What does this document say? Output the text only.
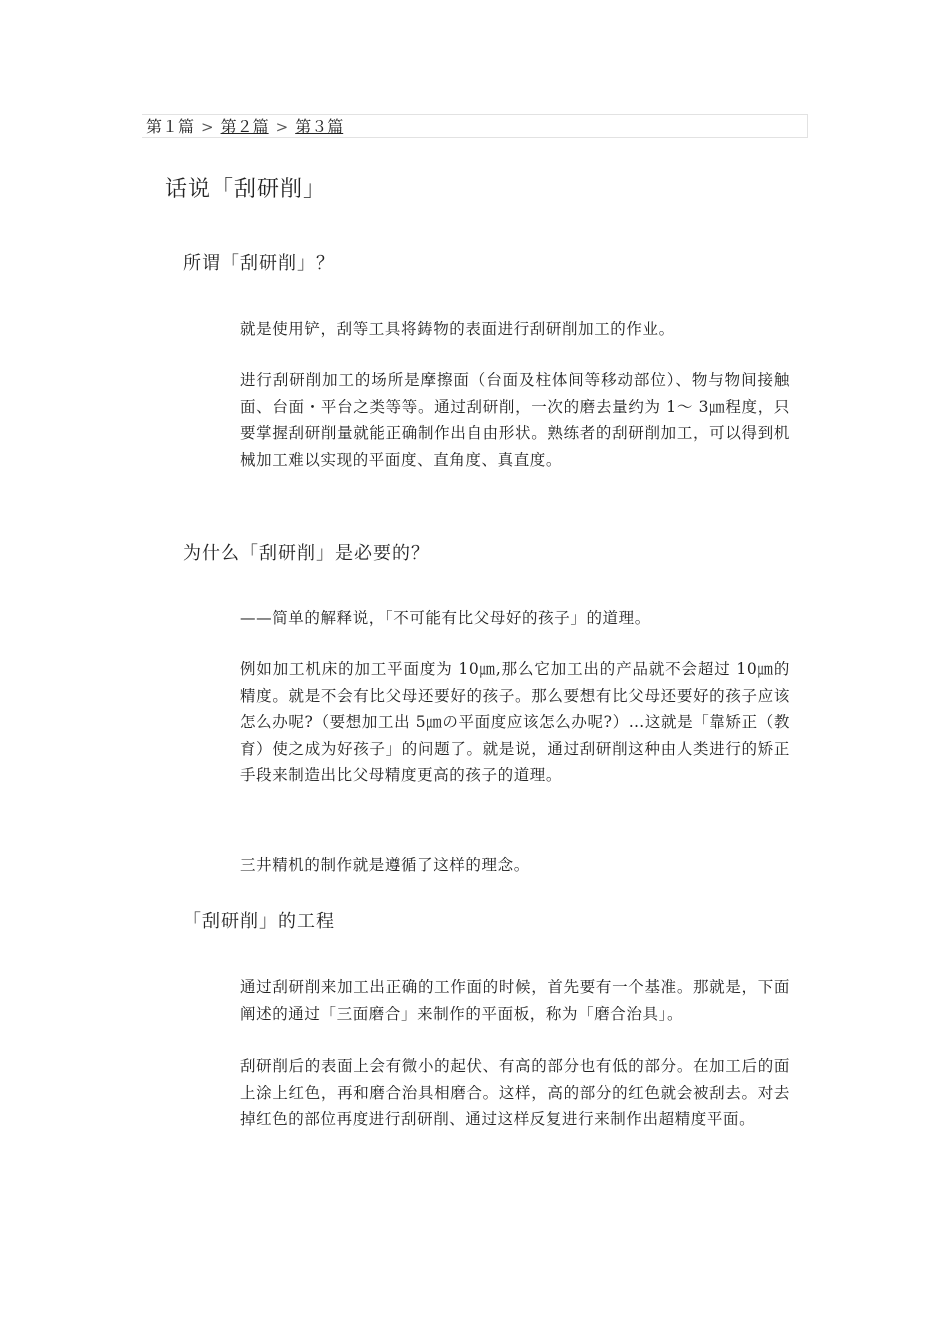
第１篇 > 第２篇 > 第３篇
话说「刮研削」
所谓「刮研削」？

就是使用铲，刮等工具将鋳物的表面进行刮研削加工的作业。

进行刮研削加工的场所是摩擦面（台面及柱体间等移动部位）、物与物间接触面、台面・平台之类等等。通过刮研削，一次的磨去量约为 1～ 3㎛程度，只要掌握刮研削量就能正确制作出自由形状。熟练者的刮研削加工，可以得到机械加工难以实现的平面度、直角度、真直度。

为什么「刮研削」是必要的？

——简单的解释说，「不可能有比父母好的孩子」的道理。

例如加工机床的加工平面度为 10㎛,那么它加工出的产品就不会超过 10㎛的精度。就是不会有比父母还要好的孩子。那么要想有比父母还要好的孩子应该怎么办呢?（要想加工出 5㎛の平面度应该怎么办呢?）…这就是「靠矫正（教育）使之成为好孩子」的问题了。就是说，通过刮研削这种由人类进行的矫正手段来制造出比父母精度更高的孩子的道理。

三井精机的制作就是遵循了这样的理念。

「刮研削」的工程

通过刮研削来加工出正确的工作面的时候，首先要有一个基准。那就是，下面阐述的通过「三面磨合」来制作的平面板，称为「磨合治具」。

刮研削后的表面上会有微小的起伏、有高的部分也有低的部分。在加工后的面上涂上红色，再和磨合治具相磨合。这样，高的部分的红色就会被刮去。对去掉红色的部位再度进行刮研削、通过这样反复进行来制作出超精度平面。
